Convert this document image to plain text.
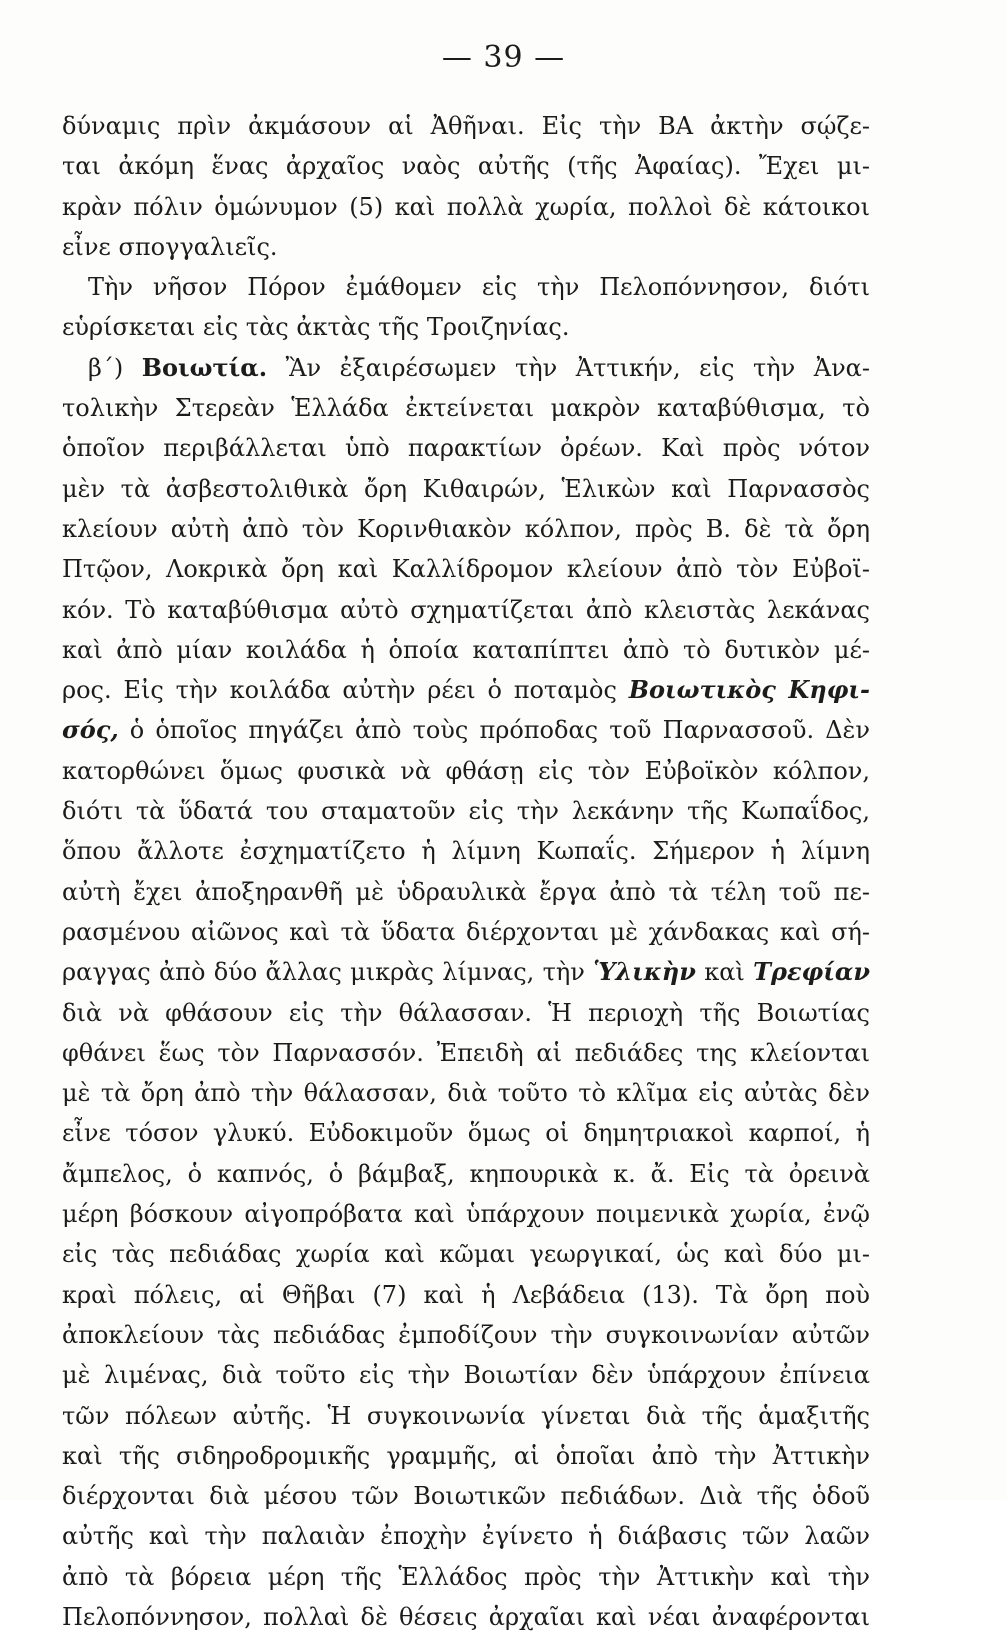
— 39 —
δύναμις πρὶν ἀκμάσουν αἱ Ἀθῆναι. Εἰς τὴν ΒΑ ἀκτὴν σῴζε-
ται ἀκόμη ἕνας ἀρχαῖος ναὸς αὐτῆς (τῆς Ἀφαίας). Ἔχει μι-
κρὰν πόλιν ὁμώνυμον (5) καὶ πολλὰ χωρία, πολλοὶ δὲ κάτοικοι
εἶνε σπογγαλιεῖς.
Τὴν νῆσον Πόρον ἐμάθομεν εἰς τὴν Πελοπόννησον, διότι
εὑρίσκεται εἰς τὰς ἀκτὰς τῆς Τροιζηνίας.
β΄) Βοιωτία. Ἂν ἐξαιρέσωμεν τὴν Ἀττικήν, εἰς τὴν Ἀνα-
τολικὴν Στερεὰν Ἑλλάδα ἐκτείνεται μακρὸν καταβύθισμα, τὸ
ὁποῖον περιβάλλεται ὑπὸ παρακτίων ὀρέων. Καὶ πρὸς νότον
μὲν τὰ ἀσβεστολιθικὰ ὄρη Κιθαιρών, Ἑλικὼν καὶ Παρνασσὸς
κλείουν αὐτὴ ἀπὸ τὸν Κορινθιακὸν κόλπον, πρὸς Β. δὲ τὰ ὄρη
Πτῷον, Λοκρικὰ ὄρη καὶ Καλλίδρομον κλείουν ἀπὸ τὸν Εὐβοϊ-
κόν. Τὸ καταβύθισμα αὐτὸ σχηματίζεται ἀπὸ κλειστὰς λεκάνας
καὶ ἀπὸ μίαν κοιλάδα ἡ ὁποία καταπίπτει ἀπὸ τὸ δυτικὸν μέ-
ρος. Εἰς τὴν κοιλάδα αὐτὴν ρέει ὁ ποταμὸς Βοιωτικὸς Κηφι-
σός, ὁ ὁποῖος πηγάζει ἀπὸ τοὺς πρόποδας τοῦ Παρνασσοῦ. Δὲν
κατορθώνει ὅμως φυσικὰ νὰ φθάσῃ εἰς τὸν Εὐβοϊκὸν κόλπον,
διότι τὰ ὕδατά του σταματοῦν εἰς τὴν λεκάνην τῆς Κωπαΐδος,
ὅπου ἄλλοτε ἐσχηματίζετο ἡ λίμνη Κωπαΐς. Σήμερον ἡ λίμνη
αὐτὴ ἔχει ἀποξηρανθῆ μὲ ὑδραυλικὰ ἔργα ἀπὸ τὰ τέλη τοῦ πε-
ρασμένου αἰῶνος καὶ τὰ ὕδατα διέρχονται μὲ χάνδακας καὶ σή-
ραγγας ἀπὸ δύο ἄλλας μικρὰς λίμνας, τὴν Ὑλικὴν καὶ Τρεφίαν
διὰ νὰ φθάσουν εἰς τὴν θάλασσαν. Ἡ περιοχὴ τῆς Βοιωτίας
φθάνει ἕως τὸν Παρνασσόν. Ἐπειδὴ αἱ πεδιάδες της κλείονται
μὲ τὰ ὄρη ἀπὸ τὴν θάλασσαν, διὰ τοῦτο τὸ κλῖμα εἰς αὐτὰς δὲν
εἶνε τόσον γλυκύ. Εὐδοκιμοῦν ὅμως οἱ δημητριακοὶ καρποί, ἡ
ἄμπελος, ὁ καπνός, ὁ βάμβαξ, κηπουρικὰ κ. ἄ. Εἰς τὰ ὀρεινὰ
μέρη βόσκουν αἰγοπρόβατα καὶ ὑπάρχουν ποιμενικὰ χωρία, ἐνῷ
εἰς τὰς πεδιάδας χωρία καὶ κῶμαι γεωργικαί, ὡς καὶ δύο μι-
κραὶ πόλεις, αἱ Θῆβαι (7) καὶ ἡ Λεβάδεια (13). Τὰ ὄρη ποὺ
ἀποκλείουν τὰς πεδιάδας ἐμποδίζουν τὴν συγκοινωνίαν αὐτῶν
μὲ λιμένας, διὰ τοῦτο εἰς τὴν Βοιωτίαν δὲν ὑπάρχουν ἐπίνεια
τῶν πόλεων αὐτῆς. Ἡ συγκοινωνία γίνεται διὰ τῆς ἁμαξιτῆς
καὶ τῆς σιδηροδρομικῆς γραμμῆς, αἱ ὁποῖαι ἀπὸ τὴν Ἀττικὴν
διέρχονται διὰ μέσου τῶν Βοιωτικῶν πεδιάδων. Διὰ τῆς ὁδοῦ
αὐτῆς καὶ τὴν παλαιὰν ἐποχὴν ἐγίνετο ἡ διάβασις τῶν λαῶν
ἀπὸ τὰ βόρεια μέρη τῆς Ἑλλάδος πρὸς τὴν Ἀττικὴν καὶ τὴν
Πελοπόννησον, πολλαὶ δὲ θέσεις ἀρχαῖαι καὶ νέαι ἀναφέρονται
